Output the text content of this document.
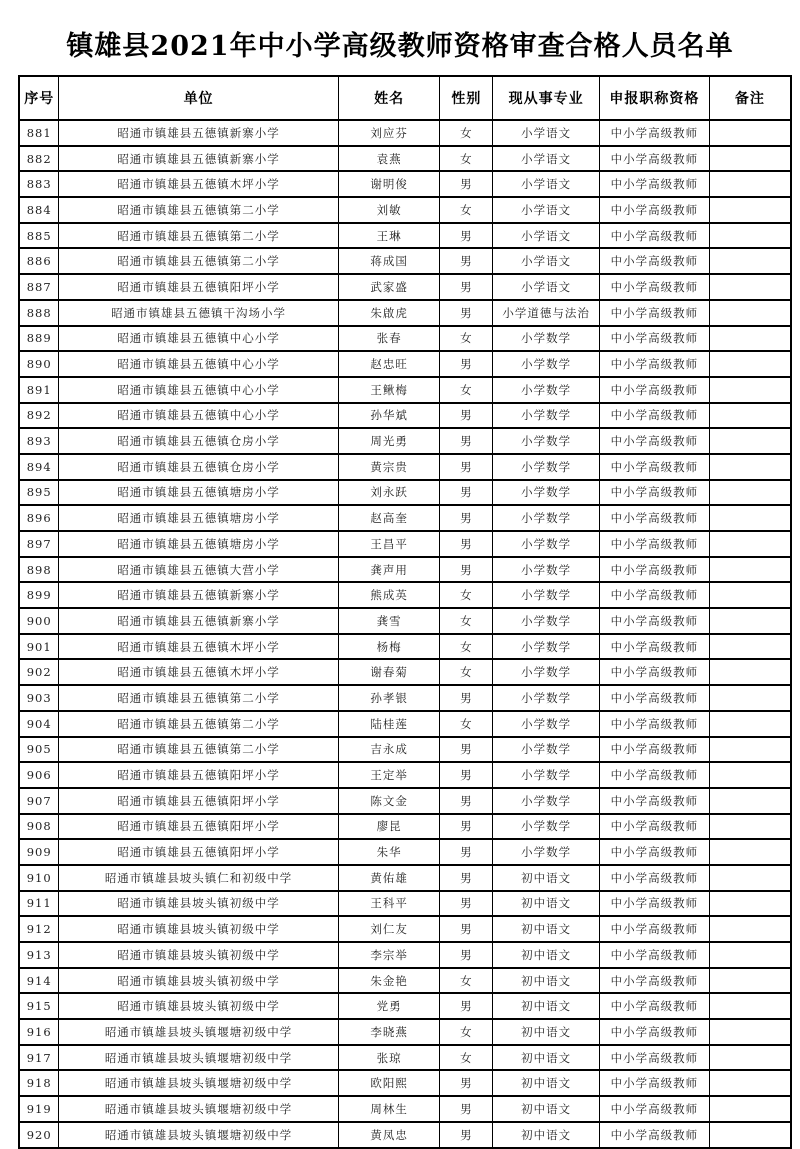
镇雄县2021年中小学高级教师资格审查合格人员名单
序号	单位	姓名	性别	现从事专业	申报职称资格	备注
881	昭通市镇雄县五德镇新寨小学	刘应芬	女	小学语文	中小学高级教师	
882	昭通市镇雄县五德镇新寨小学	袁燕	女	小学语文	中小学高级教师	
883	昭通市镇雄县五德镇木坪小学	谢明俊	男	小学语文	中小学高级教师	
884	昭通市镇雄县五德镇第二小学	刘敏	女	小学语文	中小学高级教师	
885	昭通市镇雄县五德镇第二小学	王琳	男	小学语文	中小学高级教师	
886	昭通市镇雄县五德镇第二小学	蒋成国	男	小学语文	中小学高级教师	
887	昭通市镇雄县五德镇阳坪小学	武家盛	男	小学语文	中小学高级教师	
888	昭通市镇雄县五德镇干沟场小学	朱啟虎	男	小学道德与法治	中小学高级教师	
889	昭通市镇雄县五德镇中心小学	张春	女	小学数学	中小学高级教师	
890	昭通市镇雄县五德镇中心小学	赵忠旺	男	小学数学	中小学高级教师	
891	昭通市镇雄县五德镇中心小学	王鳅梅	女	小学数学	中小学高级教师	
892	昭通市镇雄县五德镇中心小学	孙华斌	男	小学数学	中小学高级教师	
893	昭通市镇雄县五德镇仓房小学	周光勇	男	小学数学	中小学高级教师	
894	昭通市镇雄县五德镇仓房小学	黄宗贵	男	小学数学	中小学高级教师	
895	昭通市镇雄县五德镇塘房小学	刘永跃	男	小学数学	中小学高级教师	
896	昭通市镇雄县五德镇塘房小学	赵高奎	男	小学数学	中小学高级教师	
897	昭通市镇雄县五德镇塘房小学	王昌平	男	小学数学	中小学高级教师	
898	昭通市镇雄县五德镇大营小学	龚声用	男	小学数学	中小学高级教师	
899	昭通市镇雄县五德镇新寨小学	熊成英	女	小学数学	中小学高级教师	
900	昭通市镇雄县五德镇新寨小学	龚雪	女	小学数学	中小学高级教师	
901	昭通市镇雄县五德镇木坪小学	杨梅	女	小学数学	中小学高级教师	
902	昭通市镇雄县五德镇木坪小学	谢春菊	女	小学数学	中小学高级教师	
903	昭通市镇雄县五德镇第二小学	孙孝银	男	小学数学	中小学高级教师	
904	昭通市镇雄县五德镇第二小学	陆桂莲	女	小学数学	中小学高级教师	
905	昭通市镇雄县五德镇第二小学	吉永成	男	小学数学	中小学高级教师	
906	昭通市镇雄县五德镇阳坪小学	王定举	男	小学数学	中小学高级教师	
907	昭通市镇雄县五德镇阳坪小学	陈文金	男	小学数学	中小学高级教师	
908	昭通市镇雄县五德镇阳坪小学	廖昆	男	小学数学	中小学高级教师	
909	昭通市镇雄县五德镇阳坪小学	朱华	男	小学数学	中小学高级教师	
910	昭通市镇雄县坡头镇仁和初级中学	黄佑雄	男	初中语文	中小学高级教师	
911	昭通市镇雄县坡头镇初级中学	王科平	男	初中语文	中小学高级教师	
912	昭通市镇雄县坡头镇初级中学	刘仁友	男	初中语文	中小学高级教师	
913	昭通市镇雄县坡头镇初级中学	李宗举	男	初中语文	中小学高级教师	
914	昭通市镇雄县坡头镇初级中学	朱金艳	女	初中语文	中小学高级教师	
915	昭通市镇雄县坡头镇初级中学	党勇	男	初中语文	中小学高级教师	
916	昭通市镇雄县坡头镇堰塘初级中学	李晓燕	女	初中语文	中小学高级教师	
917	昭通市镇雄县坡头镇堰塘初级中学	张琼	女	初中语文	中小学高级教师	
918	昭通市镇雄县坡头镇堰塘初级中学	欧阳熙	男	初中语文	中小学高级教师	
919	昭通市镇雄县坡头镇堰塘初级中学	周林生	男	初中语文	中小学高级教师	
920	昭通市镇雄县坡头镇堰塘初级中学	黄凤忠	男	初中语文	中小学高级教师	
